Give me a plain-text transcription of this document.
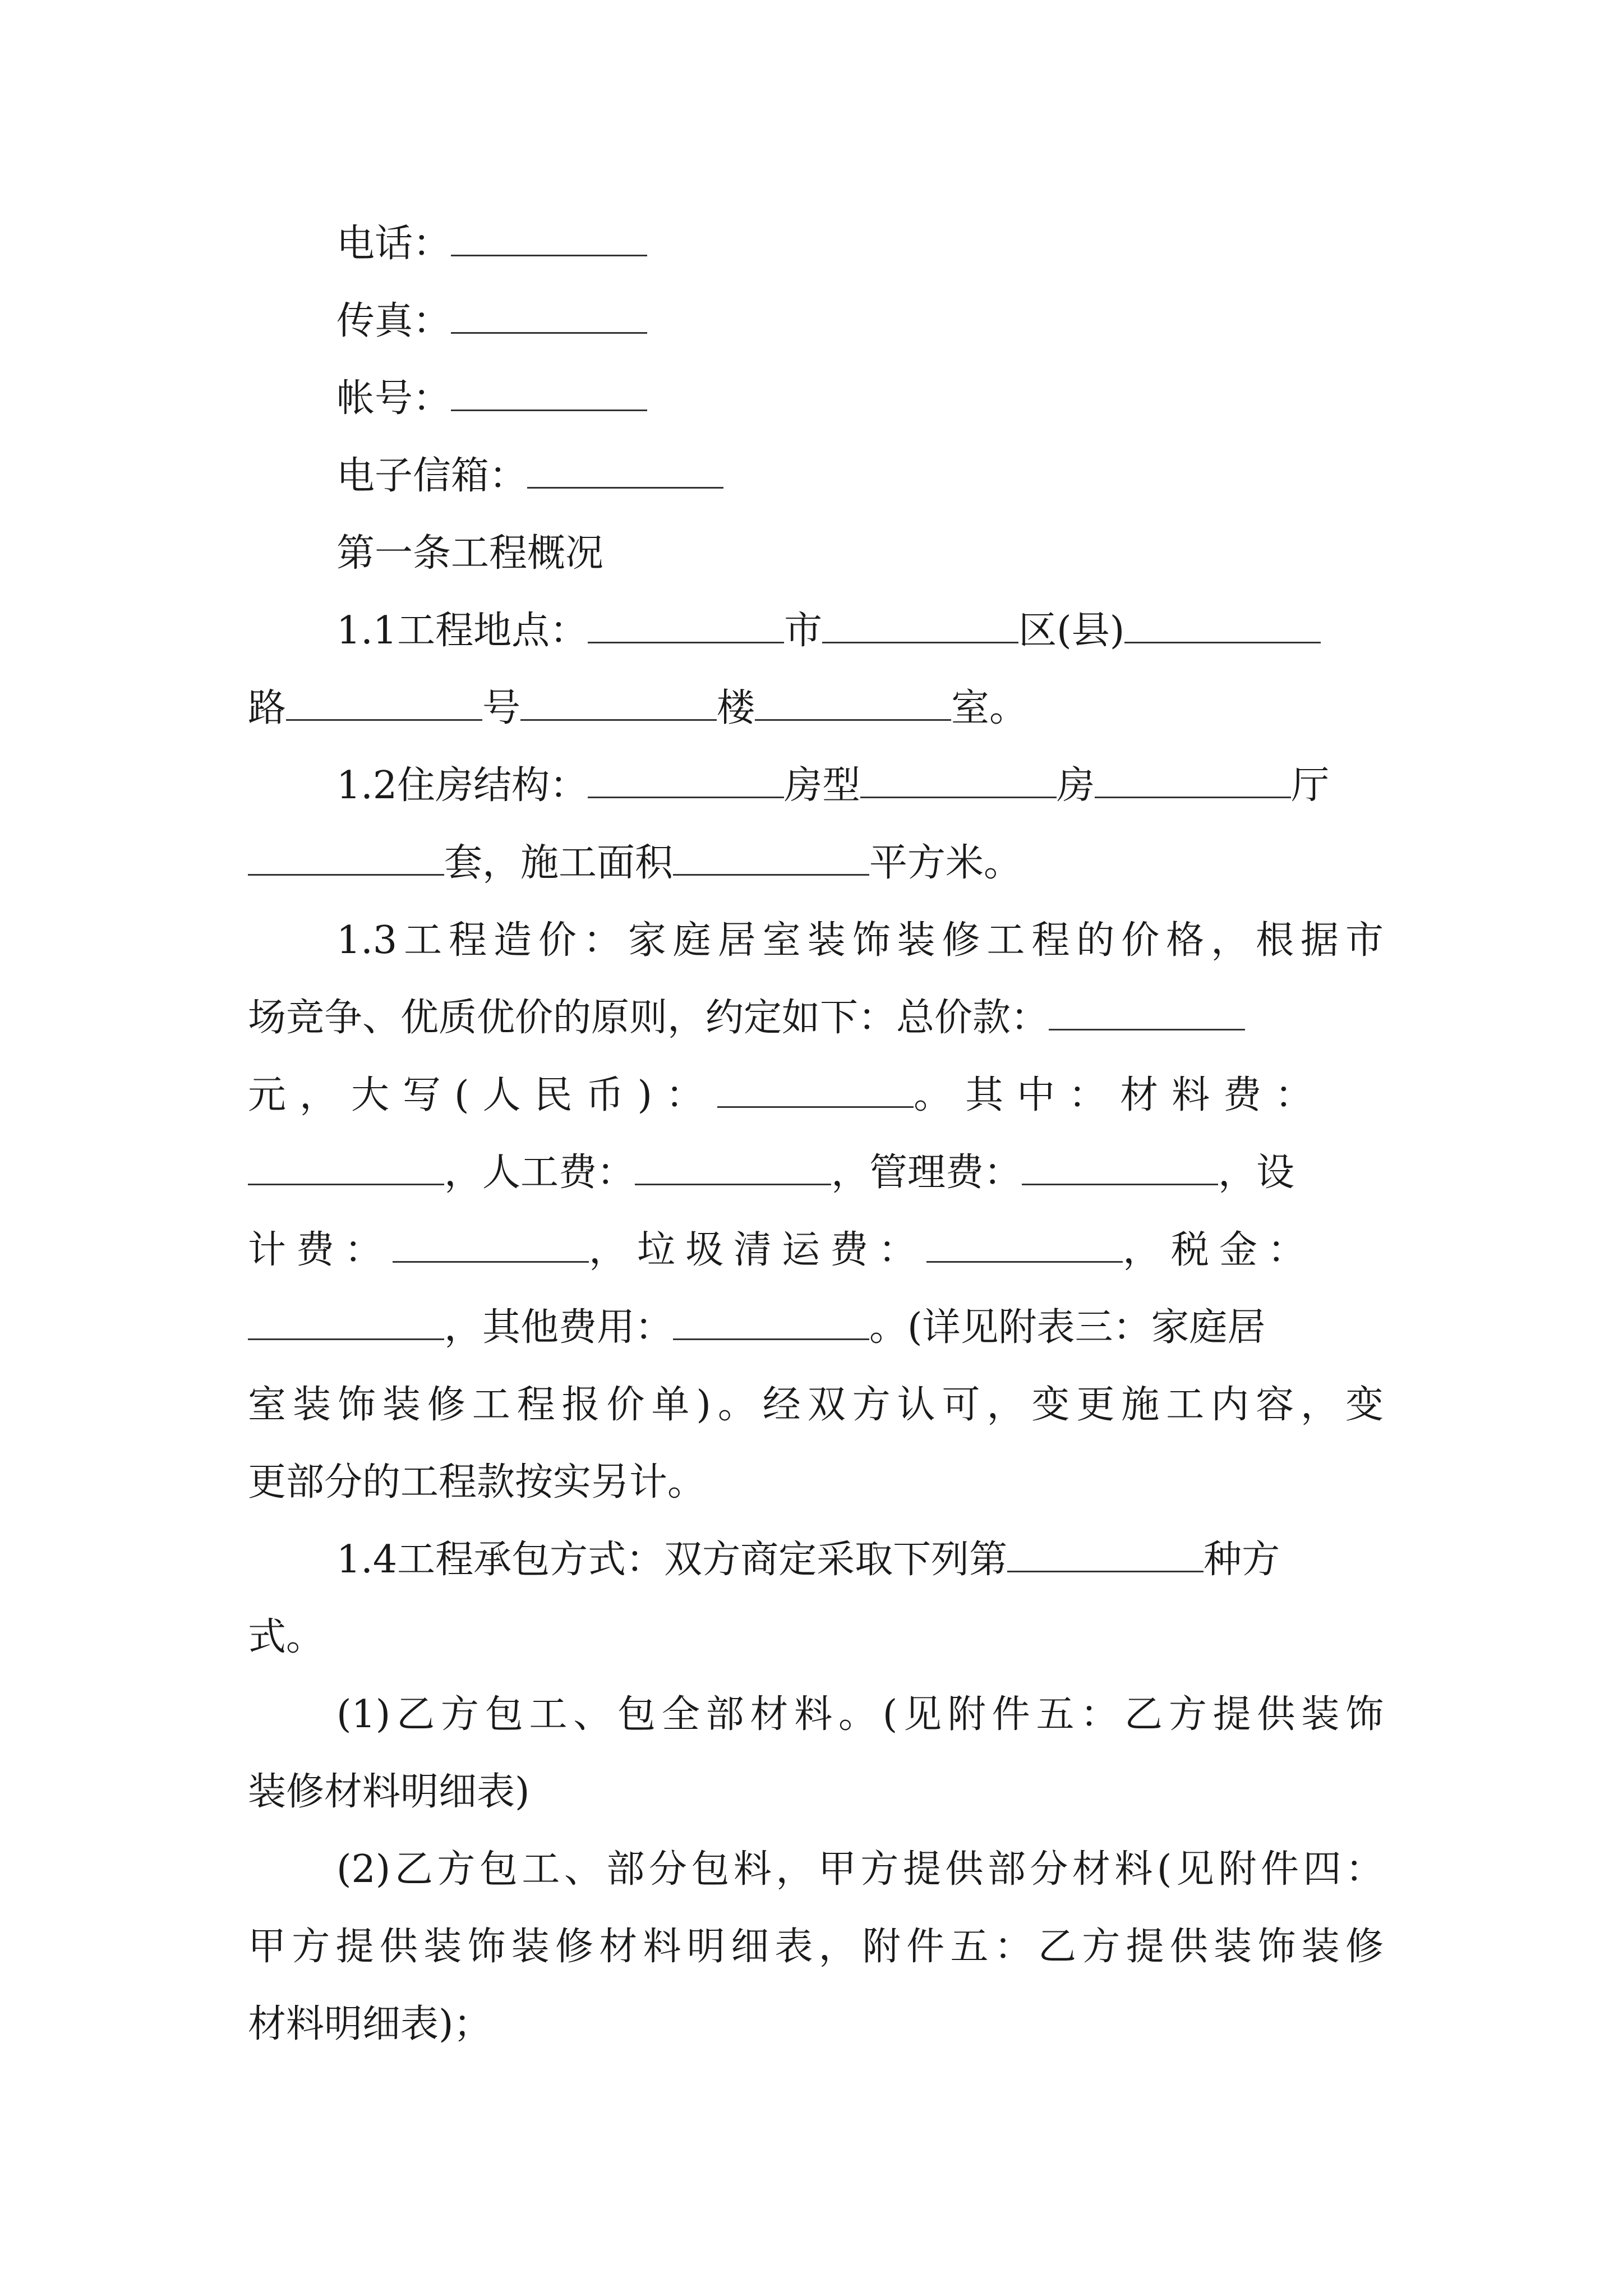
电话：
传真：
帐号：
电子信箱：
第一条工程概况
1.1工程地点：	市	区(县)
路	号	楼	室。
1.2住房结构：	房型	房	厅
套，施工面积	平方米。
1.3工程造价：家庭居室装饰装修工程的价格，根据市
场竞争、优质优价的原则，约定如下：总价款：
元，大写(人民币)：	。其中：材料费：
，人工费：	，管理费：	，设
计费：	，垃圾清运费：	，税金：
，其他费用：	。(详见附表三：家庭居
室装饰装修工程报价单)。经双方认可，变更施工内容，变
更部分的工程款按实另计。
1.4工程承包方式：双方商定采取下列第	种方
式。
(1)乙方包工、包全部材料。(见附件五：乙方提供装饰
装修材料明细表)
(2)乙方包工、部分包料，甲方提供部分材料(见附件四：
甲方提供装饰装修材料明细表，附件五：乙方提供装饰装修
材料明细表)；
